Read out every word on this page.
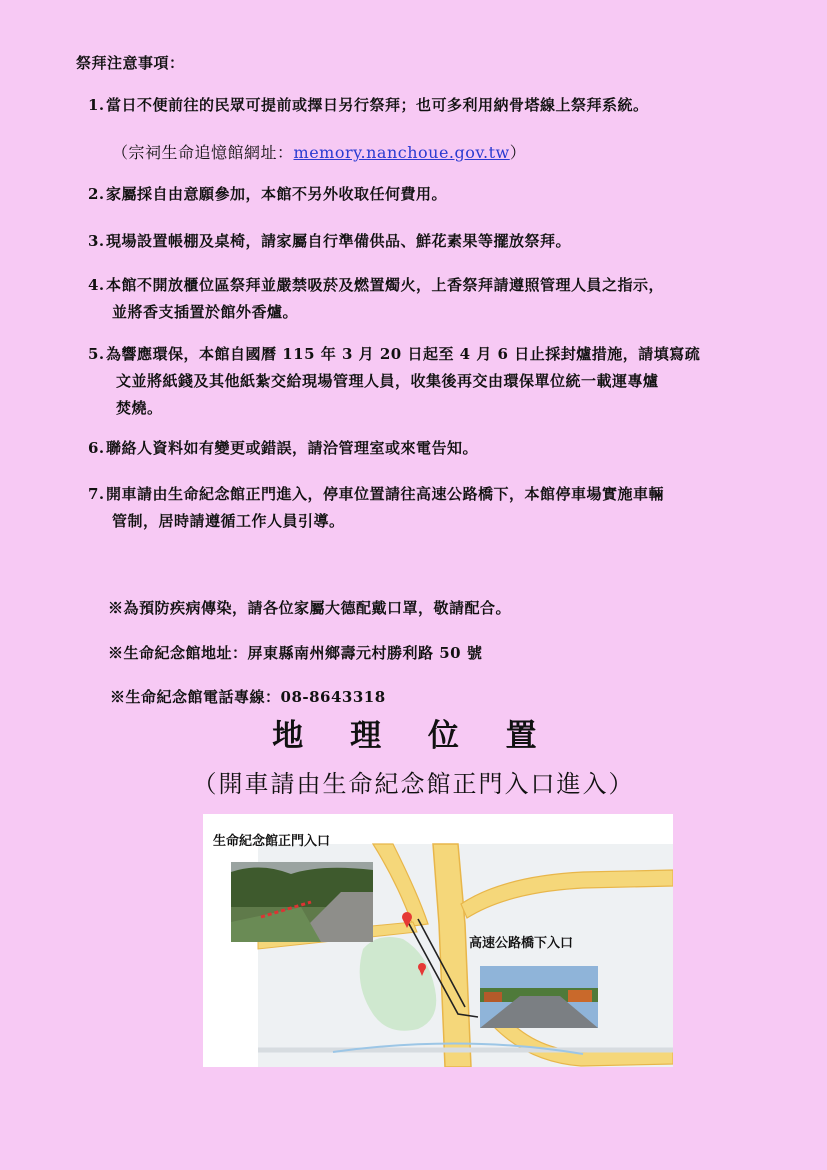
祭拜注意事項：
1. 當日不便前往的民眾可提前或擇日另行祭拜；也可多利用納骨塔線上祭拜系統。
（宗祠生命追憶館網址：memory.nanchoue.gov.tw）
2. 家屬採自由意願參加，本館不另外收取任何費用。
3. 現場設置帳棚及桌椅，請家屬自行準備供品、鮮花素果等擺放祭拜。
4. 本館不開放櫃位區祭拜並嚴禁吸菸及燃置燭火，上香祭拜請遵照管理人員之指示，
並將香支插置於館外香爐。
5. 為響應環保，本館自國曆 115 年 3 月 20 日起至 4 月 6 日止採封爐措施，請填寫疏
文並將紙錢及其他紙紮交給現場管理人員，收集後再交由環保單位統一載運專爐
焚燒。
6. 聯絡人資料如有變更或錯誤，請洽管理室或來電告知。
7. 開車請由生命紀念館正門進入，停車位置請往高速公路橋下，本館停車場實施車輛
管制，居時請遵循工作人員引導。
※為預防疾病傳染，請各位家屬大德配戴口罩，敬請配合。
※生命紀念館地址：屏東縣南州鄉壽元村勝利路 50 號
※生命紀念館電話專線：08-8643318
地 理 位 置
（開車請由生命紀念館正門入口進入）
生命紀念館正門入口
高速公路橋下入口
